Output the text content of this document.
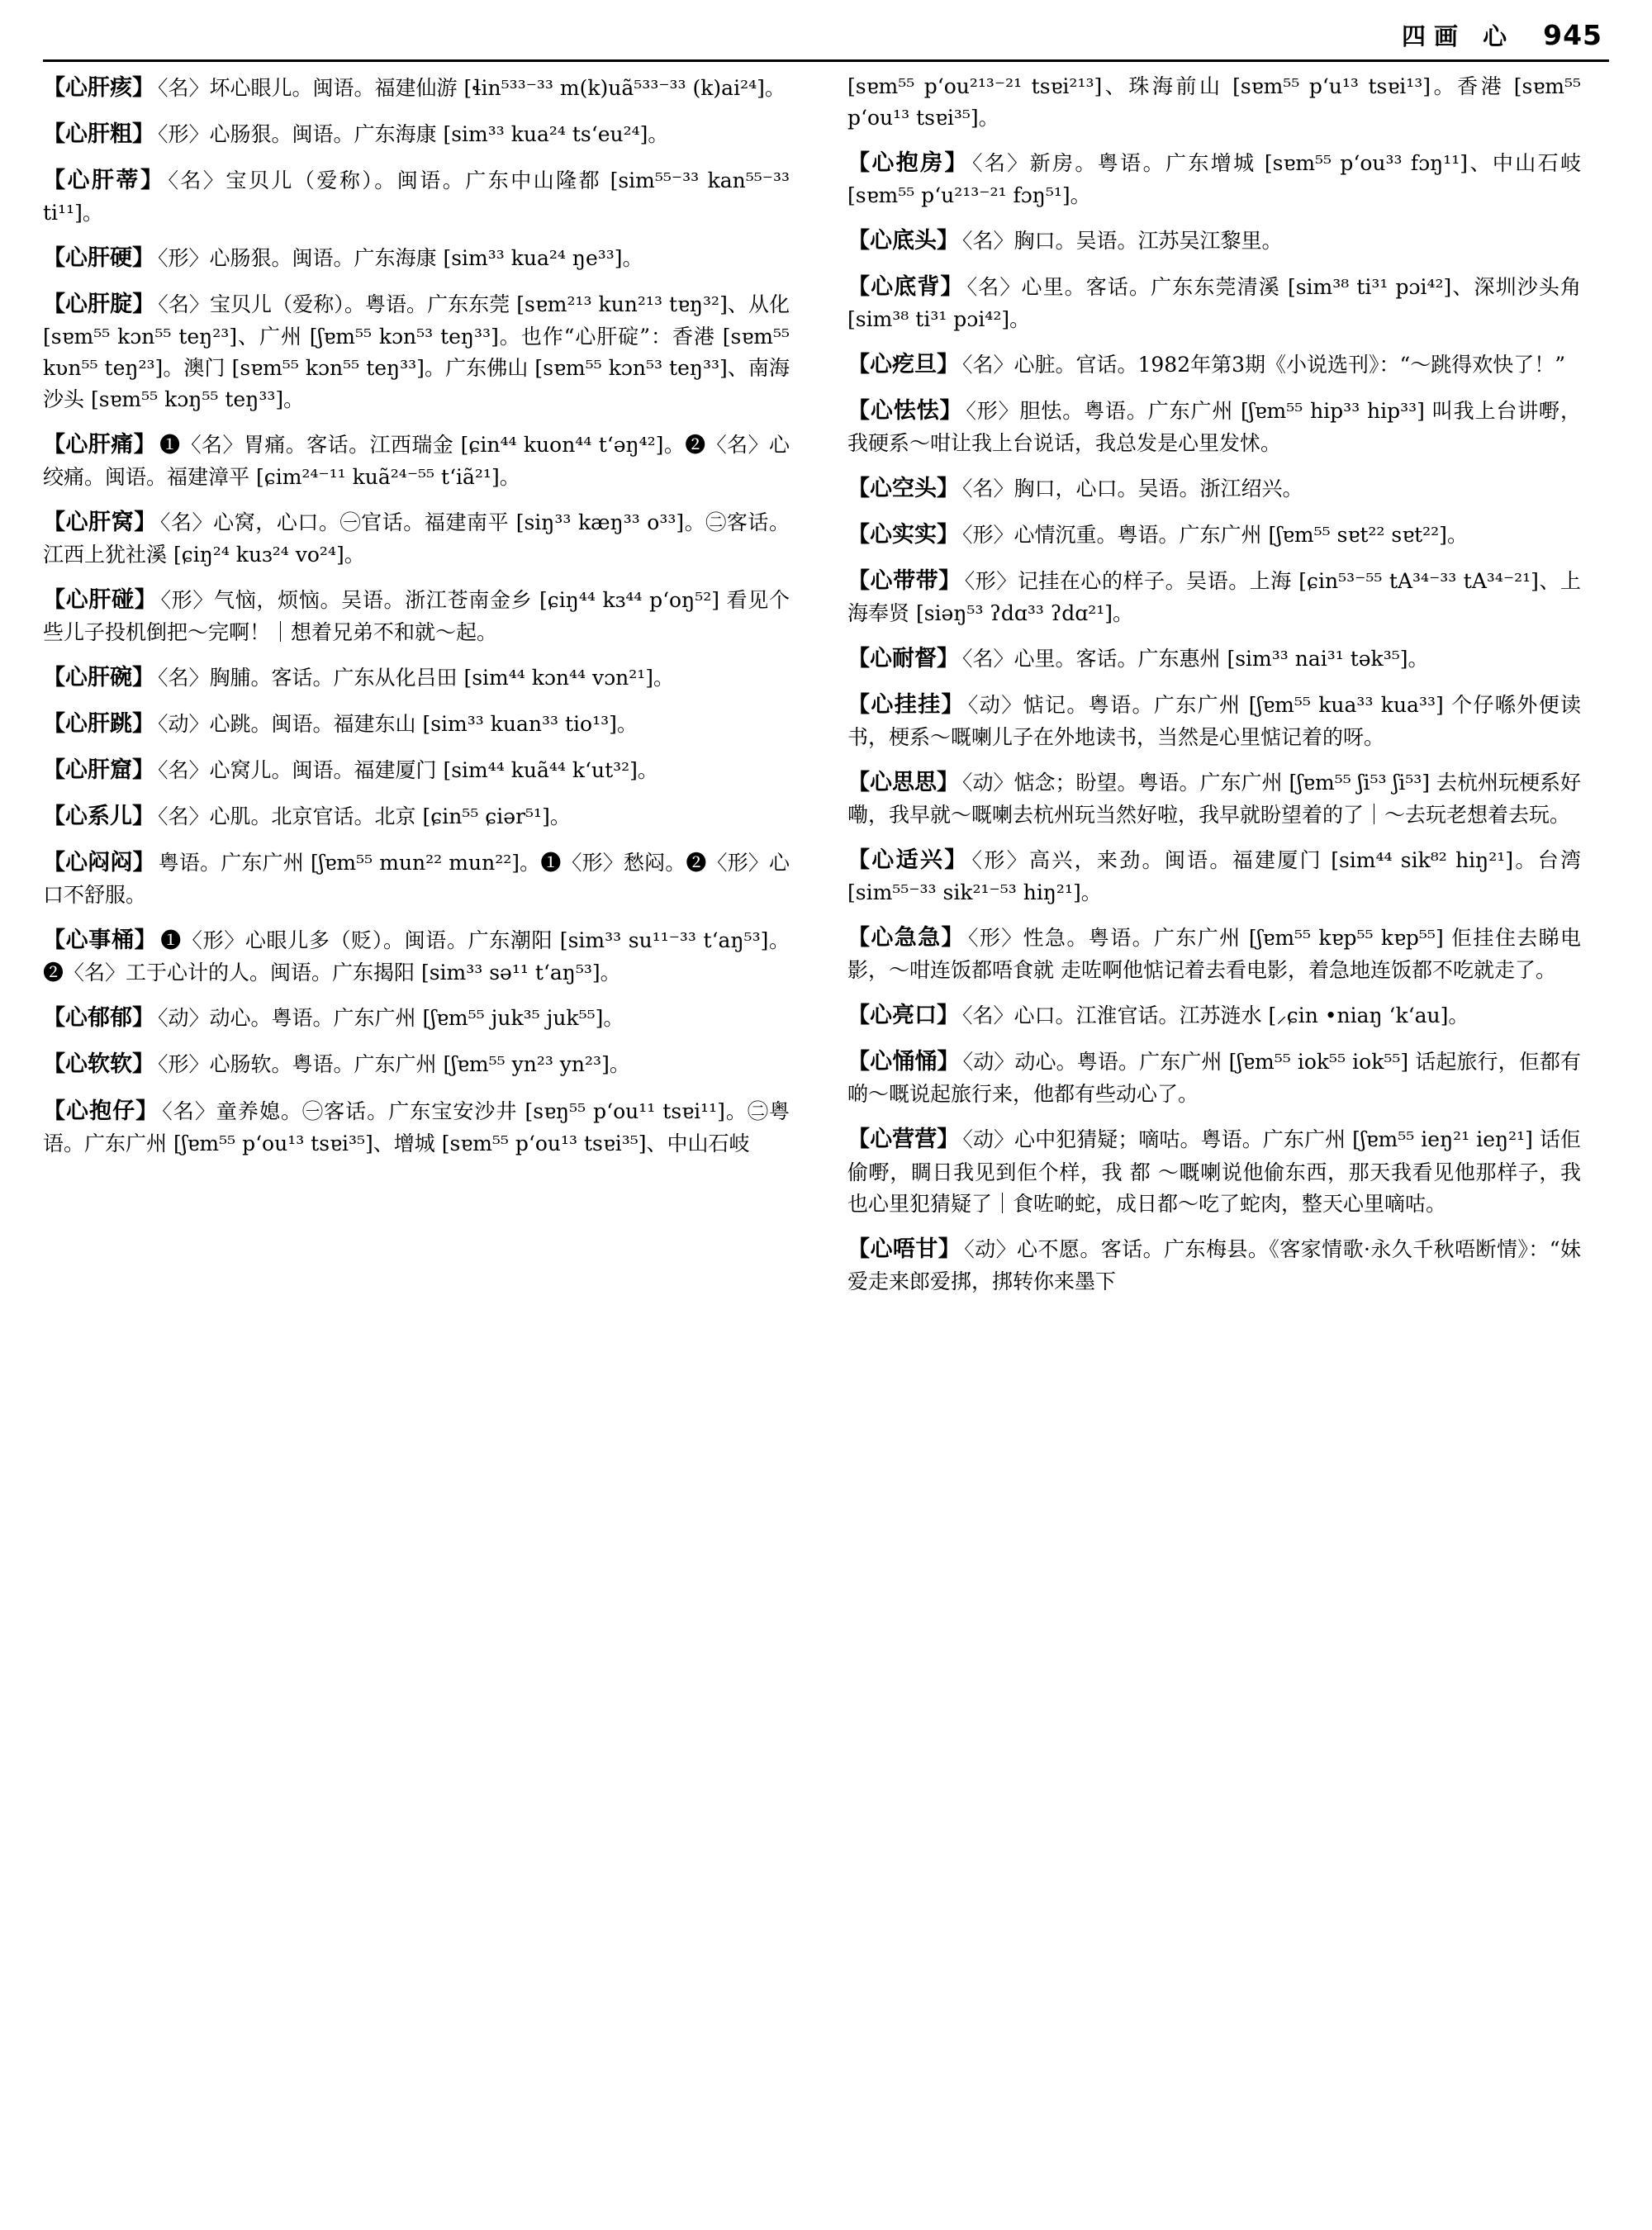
四画 心 945
【心肝痎】 〈名〉坏心眼儿。闽语。福建仙游 [ɬin⁵³³⁻³³ m(k)uã⁵³³⁻³³ (k)ai²⁴]。
【心肝粗】 〈形〉心肠狠。闽语。广东海康 [sim³³ kua²⁴ tsʻeu²⁴]。
【心肝蒂】 〈名〉宝贝儿（爱称）。闽语。广东中山隆都 [sim⁵⁵⁻³³ kan⁵⁵⁻³³ ti¹¹]。
【心肝硬】 〈形〉心肠狠。闽语。广东海康 [sim³³ kua²⁴ ŋe³³]。
【心肝腚】 〈名〉宝贝儿（爱称）。粤语。广东东莞 [sɐm²¹³ kun²¹³ tɐŋ³²]、从化 [sɐm⁵⁵ kɔn⁵⁵ teŋ²³]、广州 [ʃɐm⁵⁵ kɔn⁵³ teŋ³³]。也作“心肝碇”：香港 [sɐm⁵⁵ kʋn⁵⁵ teŋ²³]。澳门 [sɐm⁵⁵ kɔn⁵⁵ teŋ³³]。广东佛山 [sɐm⁵⁵ kɔn⁵³ teŋ³³]、南海沙头 [sɐm⁵⁵ kɔŋ⁵⁵ teŋ³³]。
【心肝痛】 ❶〈名〉胃痛。客话。江西瑞金 [ɕin⁴⁴ kuon⁴⁴ tʻəŋ⁴²]。❷〈名〉心绞痛。闽语。福建漳平 [ɕim²⁴⁻¹¹ kuã²⁴⁻⁵⁵ tʻiã²¹]。
【心肝窝】 〈名〉心窝，心口。㊀官话。福建南平 [siŋ³³ kæŋ³³ o³³]。㊁客话。江西上犹社溪 [ɕiŋ²⁴ kuɜ²⁴ vo²⁴]。
【心肝碰】 〈形〉气恼，烦恼。吴语。浙江苍南金乡 [ɕiŋ⁴⁴ kɜ⁴⁴ pʻoŋ⁵²] 看见个些儿子投机倒把～完啊！｜想着兄弟不和就～起。
【心肝碗】 〈名〉胸脯。客话。广东从化吕田 [sim⁴⁴ kɔn⁴⁴ vɔn²¹]。
【心肝跳】 〈动〉心跳。闽语。福建东山 [sim³³ kuan³³ tio¹³]。
【心肝窟】 〈名〉心窝儿。闽语。福建厦门 [sim⁴⁴ kuã⁴⁴ kʻut³²]。
【心系儿】 〈名〉心肌。北京官话。北京 [ɕin⁵⁵ ɕiər⁵¹]。
【心闷闷】 粤语。广东广州 [ʃɐm⁵⁵ mun²² mun²²]。❶〈形〉愁闷。❷〈形〉心口不舒服。
【心事桶】 ❶〈形〉心眼儿多（贬）。闽语。广东潮阳 [sim³³ su¹¹⁻³³ tʻaŋ⁵³]。❷〈名〉工于心计的人。闽语。广东揭阳 [sim³³ sə¹¹ tʻaŋ⁵³]。
【心郁郁】 〈动〉动心。粤语。广东广州 [ʃɐm⁵⁵ juk³⁵ juk⁵⁵]。
【心软软】 〈形〉心肠软。粤语。广东广州 [ʃɐm⁵⁵ yn²³ yn²³]。
【心抱仔】 〈名〉童养媳。㊀客话。广东宝安沙井 [sɐŋ⁵⁵ pʻou¹¹ tsɐi¹¹]。㊁粤语。广东广州 [ʃɐm⁵⁵ pʻou¹³ tsɐi³⁵]、增城 [sɐm⁵⁵ pʻou¹³ tsɐi³⁵]、中山石岐
[sɐm⁵⁵ pʻou²¹³⁻²¹ tsɐi²¹³]、珠海前山 [sɐm⁵⁵ pʻu¹³ tsɐi¹³]。香港 [sɐm⁵⁵ pʻou¹³ tsɐi³⁵]。
【心抱房】 〈名〉新房。粤语。广东增城 [sɐm⁵⁵ pʻou³³ fɔŋ¹¹]、中山石岐 [sɐm⁵⁵ pʻu²¹³⁻²¹ fɔŋ⁵¹]。
【心底头】 〈名〉胸口。吴语。江苏吴江黎里。
【心底背】 〈名〉心里。客话。广东东莞清溪 [sim³⁸ ti³¹ pɔi⁴²]、深圳沙头角 [sim³⁸ ti³¹ pɔi⁴²]。
【心疙旦】 〈名〉心脏。官话。1982年第3期《小说选刊》：“～跳得欢快了！”
【心怯怯】 〈形〉胆怯。粤语。广东广州 [ʃɐm⁵⁵ hip³³ hip³³] 叫我上台讲嘢，我硬系～咁让我上台说话，我总发是心里发怵。
【心空头】 〈名〉胸口，心口。吴语。浙江绍兴。
【心实实】 〈形〉心情沉重。粤语。广东广州 [ʃɐm⁵⁵ sɐt²² sɐt²²]。
【心带带】 〈形〉记挂在心的样子。吴语。上海 [ɕin⁵³⁻⁵⁵ tA³⁴⁻³³ tA³⁴⁻²¹]、上海奉贤 [siəŋ⁵³ ʔdɑ³³ ʔdɑ²¹]。
【心耐督】 〈名〉心里。客话。广东惠州 [sim³³ nai³¹ tək³⁵]。
【心挂挂】 〈动〉惦记。粤语。广东广州 [ʃɐm⁵⁵ kua³³ kua³³] 个仔喺外便读书，梗系～嘅喇儿子在外地读书，当然是心里惦记着的呀。
【心思思】 〈动〉惦念；盼望。粤语。广东广州 [ʃɐm⁵⁵ ʃi⁵³ ʃi⁵³] 去杭州玩梗系好嘞，我早就～嘅喇去杭州玩当然好啦，我早就盼望着的了｜～去玩老想着去玩。
【心适兴】 〈形〉高兴，来劲。闽语。福建厦门 [sim⁴⁴ sik⁸² hiŋ²¹]。台湾 [sim⁵⁵⁻³³ sik²¹⁻⁵³ hiŋ²¹]。
【心急急】 〈形〉性急。粤语。广东广州 [ʃɐm⁵⁵ kɐp⁵⁵ kɐp⁵⁵] 佢挂住去睇电影，～咁连饭都唔食就 走咗啊他惦记着去看电影，着急地连饭都不吃就走了。
【心亮口】 〈名〉心口。江淮官话。江苏涟水 [⸝ɕin •niaŋ ʻkʻau]。
【心悀悀】 〈动〉动心。粤语。广东广州 [ʃɐm⁵⁵ iok⁵⁵ iok⁵⁵] 话起旅行，佢都有啲～嘅说起旅行来，他都有些动心了。
【心营营】 〈动〉心中犯猜疑；嘀咕。粤语。广东广州 [ʃɐm⁵⁵ ieŋ²¹ ieŋ²¹] 话佢偷嘢，睭日我见到佢个样，我 都 ～嘅喇说他偷东西，那天我看见他那样子，我也心里犯猜疑了｜食咗啲蛇，成日都～吃了蛇肉，整天心里嘀咕。
【心唔甘】 〈动〉心不愿。客话。广东梅县。《客家情歌·永久千秋唔断情》：“妹爱走来郎爱挷，挷转你来墨下
